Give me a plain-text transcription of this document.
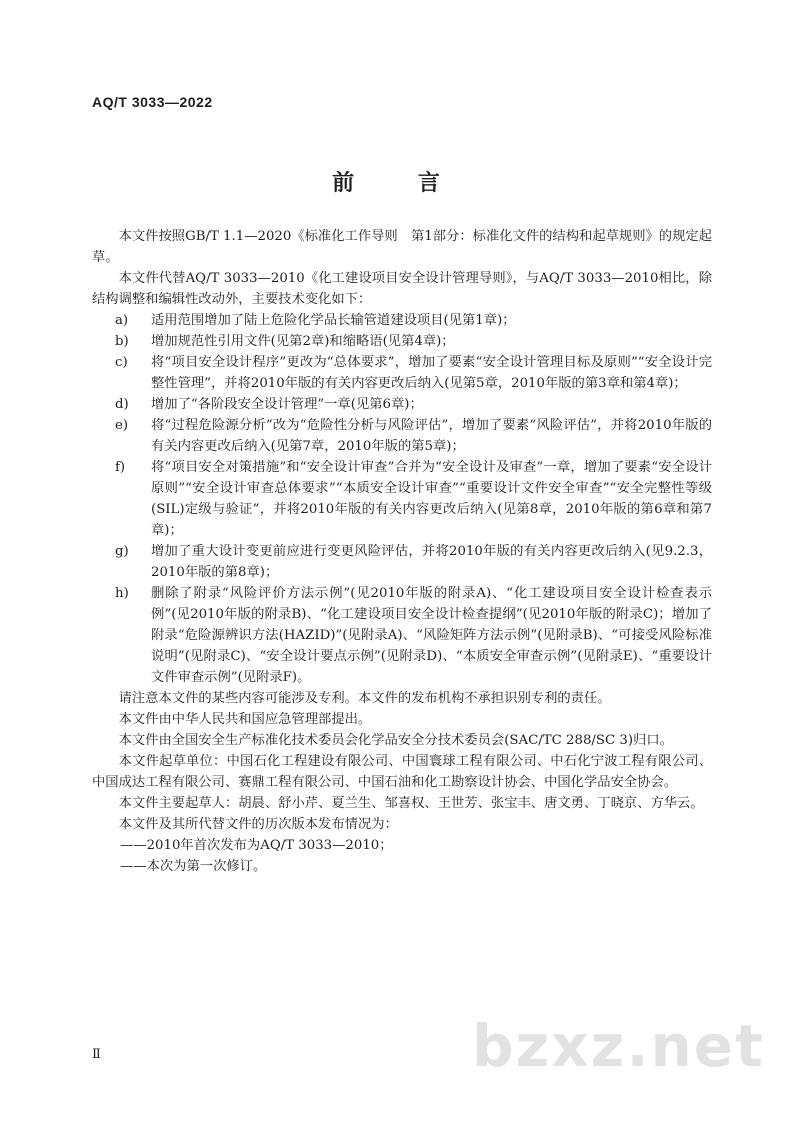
AQ/T 3033—2022
前 言

本文件按照GB/T 1.1—2020《标准化工作导则　第1部分：标准化文件的结构和起草规则》的规定起草。

本文件代替AQ/T 3033—2010《化工建设项目安全设计管理导则》，与AQ/T 3033—2010相比，除结构调整和编辑性改动外，主要技术变化如下：

a)	适用范围增加了陆上危险化学品长输管道建设项目(见第1章)；
b)	增加规范性引用文件(见第2章)和缩略语(见第4章)；
c)	将“项目安全设计程序”更改为“总体要求”，增加了要素“安全设计管理目标及原则”“安全设计完整性管理”，并将2010年版的有关内容更改后纳入(见第5章，2010年版的第3章和第4章)；
d)	增加了“各阶段安全设计管理”一章(见第6章)；
e)	将“过程危险源分析”改为“危险性分析与风险评估”，增加了要素“风险评估”，并将2010年版的有关内容更改后纳入(见第7章，2010年版的第5章)；
f)	将“项目安全对策措施”和“安全设计审查”合并为“安全设计及审查”一章，增加了要素“安全设计原则”“安全设计审查总体要求”“本质安全设计审查”“重要设计文件安全审查”“安全完整性等级(SIL)定级与验证”，并将2010年版的有关内容更改后纳入(见第8章，2010年版的第6章和第7章)；
g)	增加了重大设计变更前应进行变更风险评估，并将2010年版的有关内容更改后纳入(见9.2.3，2010年版的第8章)；
h)	删除了附录“风险评价方法示例”(见2010年版的附录A)、“化工建设项目安全设计检查表示例”(见2010年版的附录B)、“化工建设项目安全设计检查提纲”(见2010年版的附录C)；增加了附录“危险源辨识方法(HAZID)”(见附录A)、“风险矩阵方法示例”(见附录B)、“可接受风险标准说明”(见附录C)、“安全设计要点示例”(见附录D)、“本质安全审查示例”(见附录E)、“重要设计文件审查示例”(见附录F)。

请注意本文件的某些内容可能涉及专利。本文件的发布机构不承担识别专利的责任。

本文件由中华人民共和国应急管理部提出。

本文件由全国安全生产标准化技术委员会化学品安全分技术委员会(SAC/TC 288/SC 3)归口。

本文件起草单位：中国石化工程建设有限公司、中国寰球工程有限公司、中石化宁波工程有限公司、中国成达工程有限公司、赛鼎工程有限公司、中国石油和化工勘察设计协会、中国化学品安全协会。

本文件主要起草人：胡晨、舒小芹、夏兰生、邹喜权、王世芳、张宝丰、唐文勇、丁晓京、方华云。

本文件及其所代替文件的历次版本发布情况为：

——2010年首次发布为AQ/T 3033—2010；

——本次为第一次修订。

bzxz.net
Ⅱ
